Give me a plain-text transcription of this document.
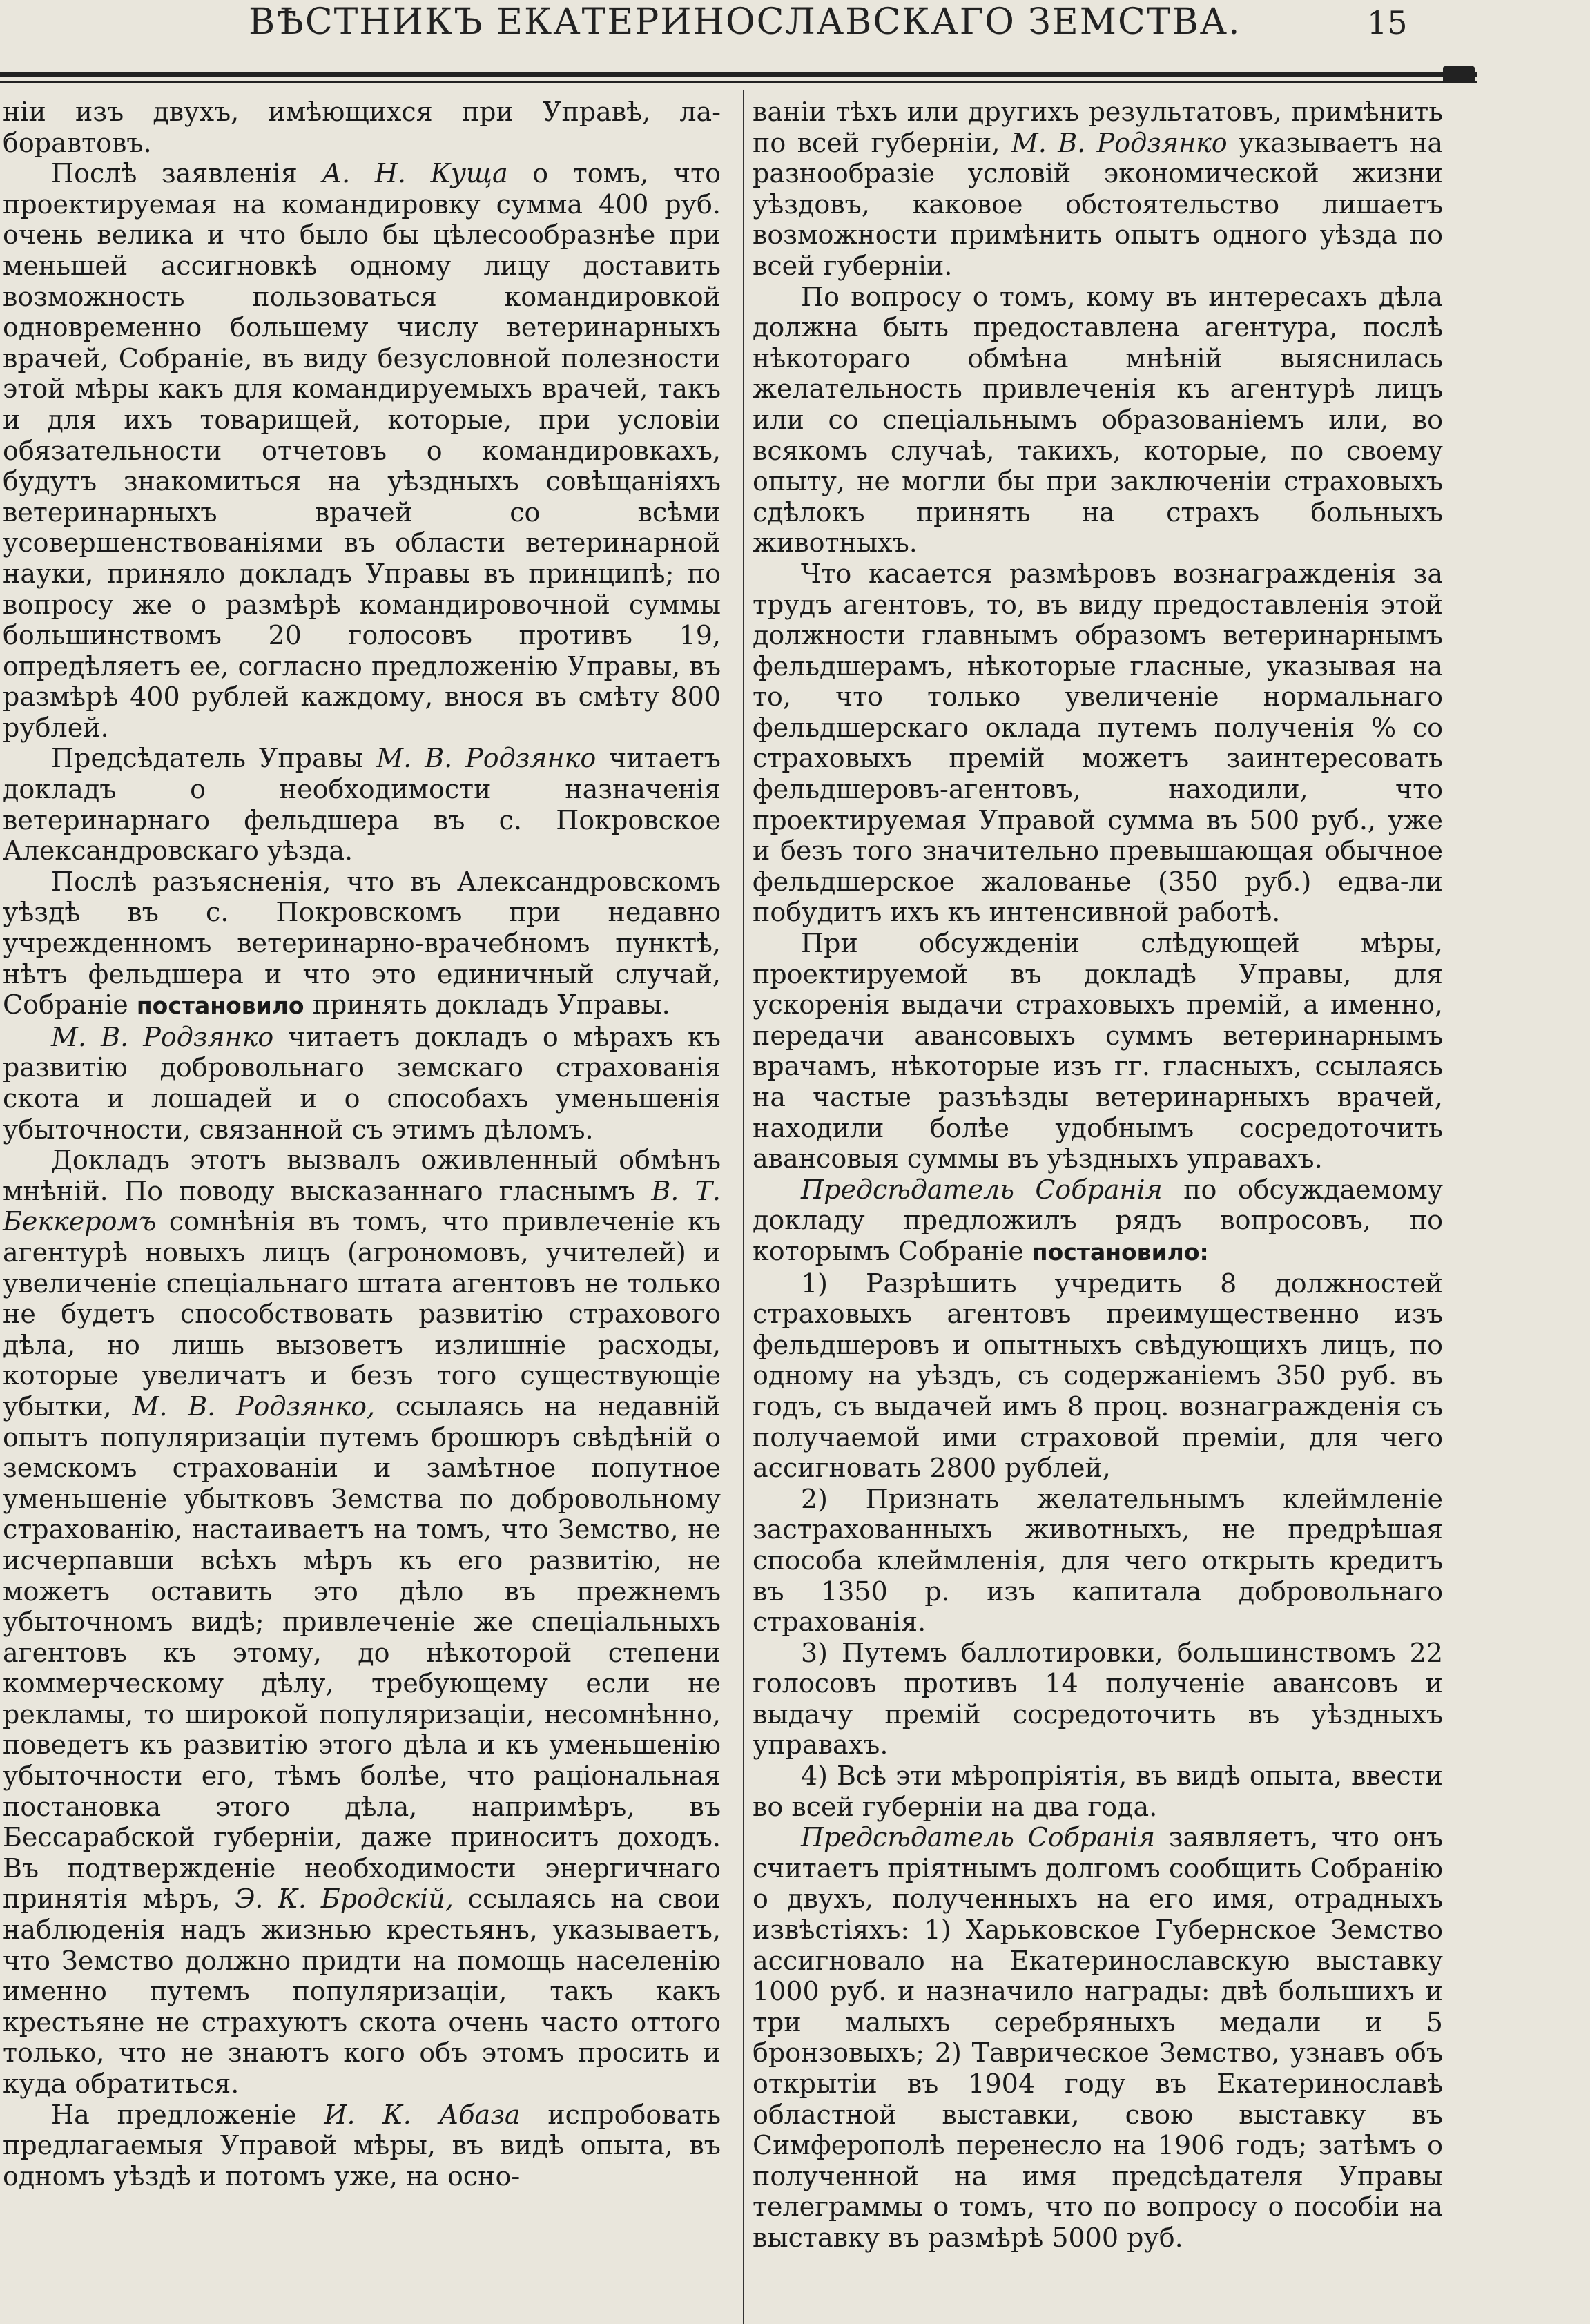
ВѢСТНИКЪ ЕКАТЕРИНОСЛАВСКАГО ЗЕМСТВА.	15

нiи изъ двухъ, имѣющихся при Управѣ, ла-боравтовъ.

Послѣ заявленія А. Н. Куща о томъ, что проектируемая на командировку сумма 400 руб. очень велика и что было бы цѣлесообразнѣе при меньшей ассигновкѣ одному лицу доставить возможность пользоваться командировкой одновременно большему числу ветеринарныхъ врачей, Собраніе, въ виду безусловной полезности этой мѣры какъ для командируемыхъ врачей, такъ и для ихъ товарищей, которые, при условіи обязательности отчетовъ о командировкахъ, будутъ знакомиться на уѣздныхъ совѣщаніяхъ ветеринарныхъ врачей со всѣми усовершенствованіями въ области ветеринарной науки, приняло докладъ Управы въ принципѣ; по вопросу же о размѣрѣ командировочной суммы большинствомъ 20 голосовъ противъ 19, опредѣляетъ ее, согласно предложенію Управы, въ размѣрѣ 400 рублей каждому, внося въ смѣту 800 рублей.

Предсѣдатель Управы М. В. Родзянко читаетъ докладъ о необходимости назначенія ветеринарнаго фельдшера въ с. Покровское Александровскаго уѣзда.

Послѣ разъясненія, что въ Александровскомъ уѣздѣ въ с. Покровскомъ при недавно учрежденномъ ветеринарно-врачебномъ пунктѣ, нѣтъ фельдшера и что это единичный случай, Собраніе постановило принять докладъ Управы.

М. В. Родзянко читаетъ докладъ о мѣрахъ къ развитію добровольнаго земскаго страхованія скота и лошадей и о способахъ уменьшенія убыточности, связанной съ этимъ дѣломъ.

Докладъ этотъ вызвалъ оживленный обмѣнъ мнѣній. По поводу высказаннаго гласнымъ В. Т. Беккеромъ сомнѣнія въ томъ, что привлеченіе къ агентурѣ новыхъ лицъ (агрономовъ, учителей) и увеличеніе спеціальнаго штата агентовъ не только не будетъ способствовать развитію страхового дѣла, но лишь вызоветъ излишніе расходы, которые увеличатъ и безъ того существующіе убытки, М. В. Родзянко, ссылаясь на недавній опытъ популяризаціи путемъ брошюръ свѣдѣній о земскомъ страхованіи и замѣтное попутное уменьшеніе убытковъ Земства по добровольному страхованію, настаиваетъ на томъ, что Земство, не исчерпавши всѣхъ мѣръ къ его развитію, не можетъ оставить это дѣло въ прежнемъ убыточномъ видѣ; привлеченіе же спеціальныхъ агентовъ къ этому, до нѣкоторой степени коммерческому дѣлу, требующему если не рекламы, то широкой популяризаціи, несомнѣнно, поведетъ къ развитію этого дѣла и къ уменьшенію убыточности его, тѣмъ болѣе, что раціональная постановка этого дѣла, напримѣръ, въ Бессарабской губерніи, даже приноситъ доходъ. Въ подтвержденіе необходимости энергичнаго принятія мѣръ, Э. К. Бродскій, ссылаясь на свои наблюденія надъ жизнью крестьянъ, указываетъ, что Земство должно придти на помощь населенію именно путемъ популяризаціи, такъ какъ крестьяне не страхуютъ скота очень часто оттого только, что не знаютъ кого объ этомъ просить и куда обратиться.

На предложеніе И. К. Абаза испробовать предлагаемыя Управой мѣры, въ видѣ опыта, въ одномъ уѣздѣ и потомъ уже, на осно-

ваніи тѣхъ или другихъ результатовъ, примѣнить по всей губерніи, М. В. Родзянко указываетъ на разнообразіе условій экономической жизни уѣздовъ, каковое обстоятельство лишаетъ возможности примѣнить опытъ одного уѣзда по всей губерніи.

По вопросу о томъ, кому въ интересахъ дѣла должна быть предоставлена агентура, послѣ нѣкотораго обмѣна мнѣній выяснилась желательность привлеченія къ агентурѣ лицъ или со спеціальнымъ образованіемъ или, во всякомъ случаѣ, такихъ, которые, по своему опыту, не могли бы при заключеніи страховыхъ сдѣлокъ принять на страхъ больныхъ животныхъ.

Что касается размѣровъ вознагражденія за трудъ агентовъ, то, въ виду предоставленія этой должности главнымъ образомъ ветеринарнымъ фельдшерамъ, нѣкоторые гласные, указывая на то, что только увеличеніе нормальнаго фельдшерскаго оклада путемъ полученія % со страховыхъ премій можетъ заинтересовать фельдшеровъ-агентовъ, находили, что проектируемая Управой сумма въ 500 руб., уже и безъ того значительно превышающая обычное фельдшерское жалованье (350 руб.) едва-ли побудитъ ихъ къ интенсивной работѣ.

При обсужденіи слѣдующей мѣры, проектируемой въ докладѣ Управы, для ускоренія выдачи страховыхъ премій, а именно, передачи авансовыхъ суммъ ветеринарнымъ врачамъ, нѣкоторые изъ гг. гласныхъ, ссылаясь на частые разъѣзды ветеринарныхъ врачей, находили болѣе удобнымъ сосредоточить авансовыя суммы въ уѣздныхъ управахъ.

Предсѣдатель Собранія по обсуждаемому докладу предложилъ рядъ вопросовъ, по которымъ Собраніе постановило:

1) Разрѣшить учредить 8 должностей страховыхъ агентовъ преимущественно изъ фельдшеровъ и опытныхъ свѣдующихъ лицъ, по одному на уѣздъ, съ содержаніемъ 350 руб. въ годъ, съ выдачей имъ 8 проц. вознагражденія съ получаемой ими страховой преміи, для чего ассигновать 2800 рублей,

2) Признать желательнымъ клеймленіе застрахованныхъ животныхъ, не предрѣшая способа клеймленія, для чего открыть кредитъ въ 1350 р. изъ капитала добровольнаго страхованія.

3) Путемъ баллотировки, большинствомъ 22 голосовъ противъ 14 полученіе авансовъ и выдачу премій сосредоточить въ уѣздныхъ управахъ.

4) Всѣ эти мѣропріятія, въ видѣ опыта, ввести во всей губерніи на два года.

Предсѣдатель Собранія заявляетъ, что онъ считаетъ пріятнымъ долгомъ сообщить Собранію о двухъ, полученныхъ на его имя, отрадныхъ извѣстіяхъ: 1) Харьковское Губернское Земство ассигновало на Екатеринославскую выставку 1000 руб. и назначило награды: двѣ большихъ и три малыхъ серебряныхъ медали и 5 бронзовыхъ; 2) Таврическое Земство, узнавъ объ открытіи въ 1904 году въ Екатеринославѣ областной выставки, свою выставку въ Симферополѣ перенесло на 1906 годъ; затѣмъ о полученной на имя предсѣдателя Управы телеграммы о томъ, что по вопросу о пособіи на выставку въ размѣрѣ 5000 руб.
